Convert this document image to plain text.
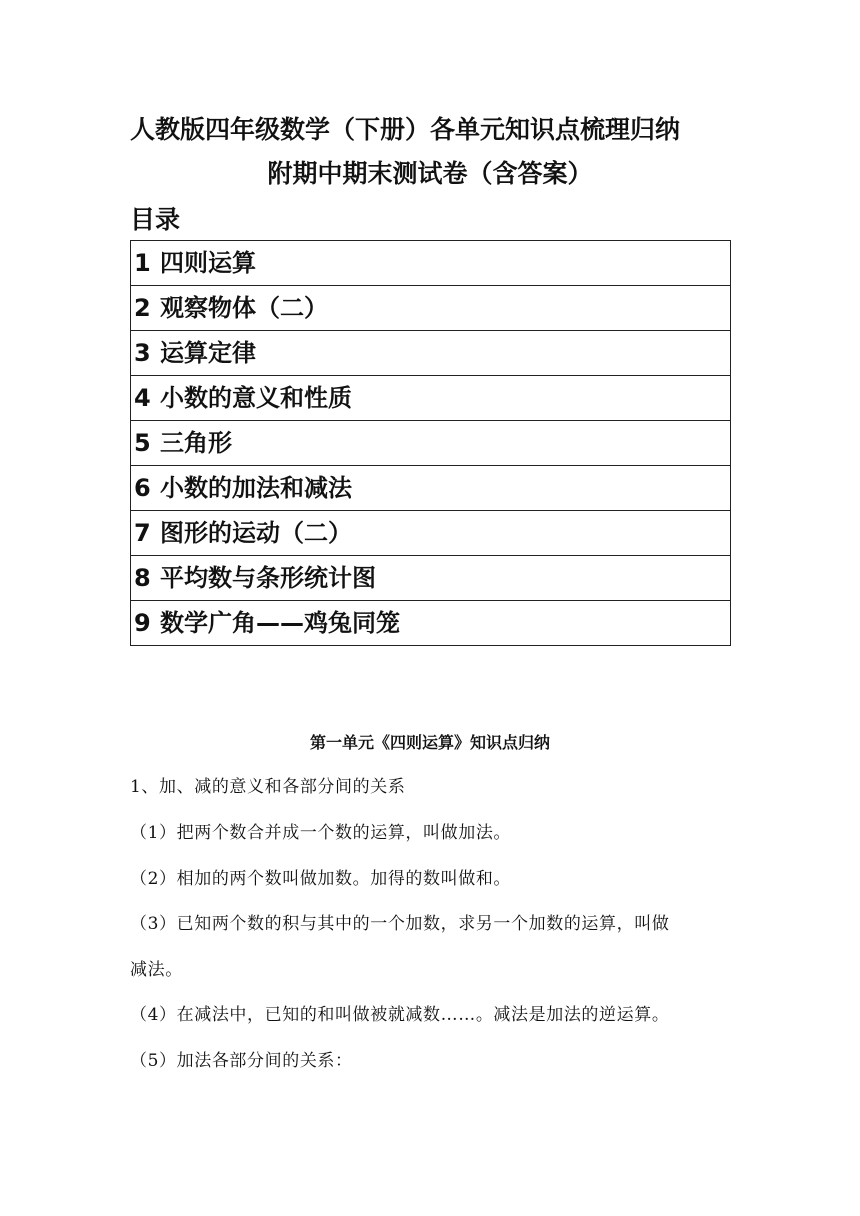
人教版四年级数学（下册）各单元知识点梳理归纳
附期中期末测试卷（含答案）
目录
1 四则运算
2 观察物体（二）
3 运算定律
4 小数的意义和性质
5 三角形
6 小数的加法和减法
7 图形的运动（二）
8 平均数与条形统计图
9 数学广角——鸡兔同笼
第一单元《四则运算》知识点归纳
1、加、减的意义和各部分间的关系
（1）把两个数合并成一个数的运算，叫做加法。
（2）相加的两个数叫做加数。加得的数叫做和。
（3）已知两个数的积与其中的一个加数，求另一个加数的运算，叫做
减法。
（4）在减法中，已知的和叫做被就减数……。减法是加法的逆运算。
（5）加法各部分间的关系：
